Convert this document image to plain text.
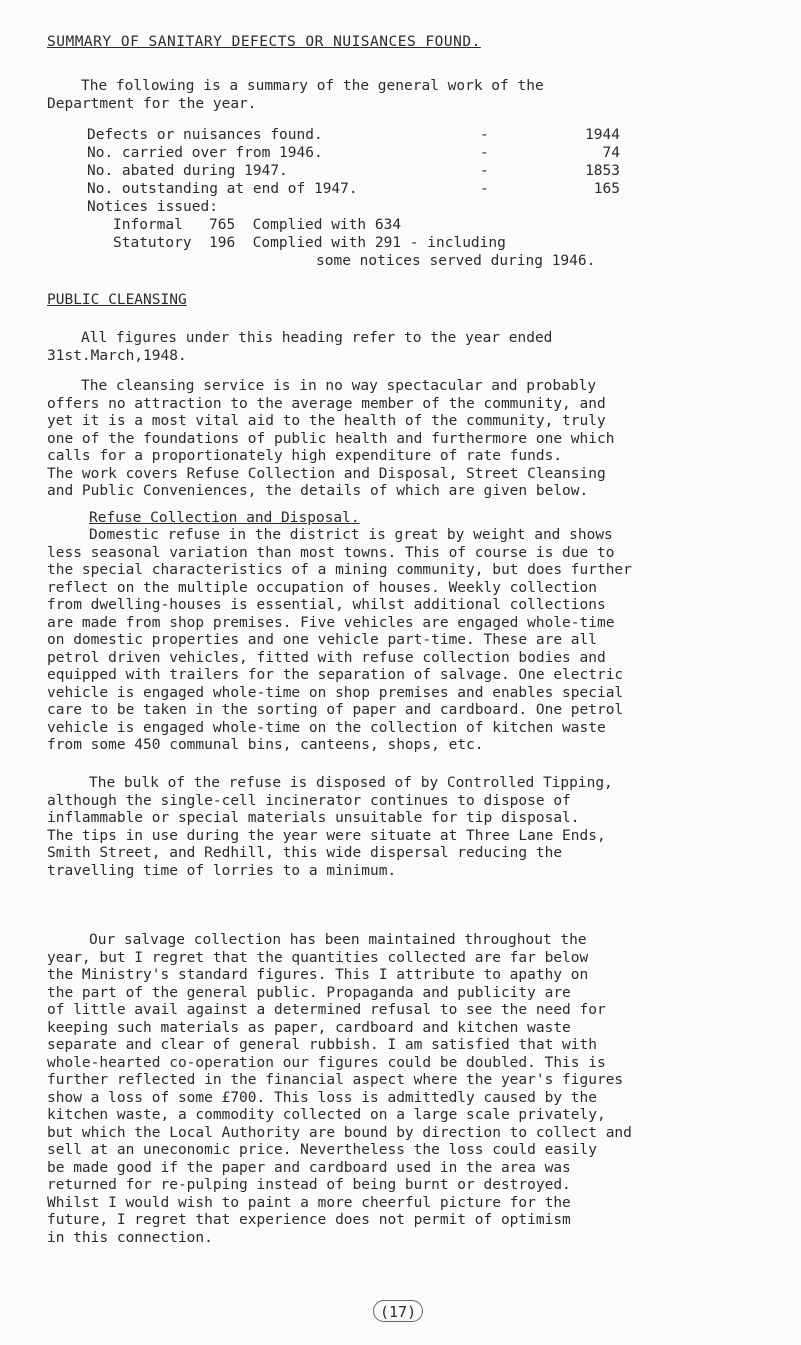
SUMMARY OF SANITARY DEFECTS OR NUISANCES FOUND.
The following is a summary of the general work of the
Department for the year.
Defects or nuisances found.	-	1944
No. carried over from 1946.	-	74
No. abated during 1947.	-	1853
No. outstanding at end of 1947.	-	165
Notices issued:
Informal   765  Complied with 634
Statutory  196  Complied with 291 - including
some notices served during 1946.
PUBLIC CLEANSING
All figures under this heading refer to the year ended
31st.March,1948.
The cleansing service is in no way spectacular and probably
offers no attraction to the average member of the community, and
yet it is a most vital aid to the health of the community, truly
one of the foundations of public health and furthermore one which
calls for a proportionately high expenditure of rate funds.
The work covers Refuse Collection and Disposal, Street Cleansing
and Public Conveniences, the details of which are given below.
Refuse Collection and Disposal.
Domestic refuse in the district is great by weight and shows
less seasonal variation than most towns. This of course is due to
the special characteristics of a mining community, but does further
reflect on the multiple occupation of houses. Weekly collection
from dwelling-houses is essential, whilst additional collections
are made from shop premises. Five vehicles are engaged whole-time
on domestic properties and one vehicle part-time. These are all
petrol driven vehicles, fitted with refuse collection bodies and
equipped with trailers for the separation of salvage. One electric
vehicle is engaged whole-time on shop premises and enables special
care to be taken in the sorting of paper and cardboard. One petrol
vehicle is engaged whole-time on the collection of kitchen waste
from some 450 communal bins, canteens, shops, etc.
The bulk of the refuse is disposed of by Controlled Tipping,
although the single-cell incinerator continues to dispose of
inflammable or special materials unsuitable for tip disposal.
The tips in use during the year were situate at Three Lane Ends,
Smith Street, and Redhill, this wide dispersal reducing the
travelling time of lorries to a minimum.
Our salvage collection has been maintained throughout the
year, but I regret that the quantities collected are far below
the Ministry's standard figures. This I attribute to apathy on
the part of the general public. Propaganda and publicity are
of little avail against a determined refusal to see the need for
keeping such materials as paper, cardboard and kitchen waste
separate and clear of general rubbish. I am satisfied that with
whole-hearted co-operation our figures could be doubled. This is
further reflected in the financial aspect where the year's figures
show a loss of some £700. This loss is admittedly caused by the
kitchen waste, a commodity collected on a large scale privately,
but which the Local Authority are bound by direction to collect and
sell at an uneconomic price. Nevertheless the loss could easily
be made good if the paper and cardboard used in the area was
returned for re-pulping instead of being burnt or destroyed.
Whilst I would wish to paint a more cheerful picture for the
future, I regret that experience does not permit of optimism
in this connection.
(17)
